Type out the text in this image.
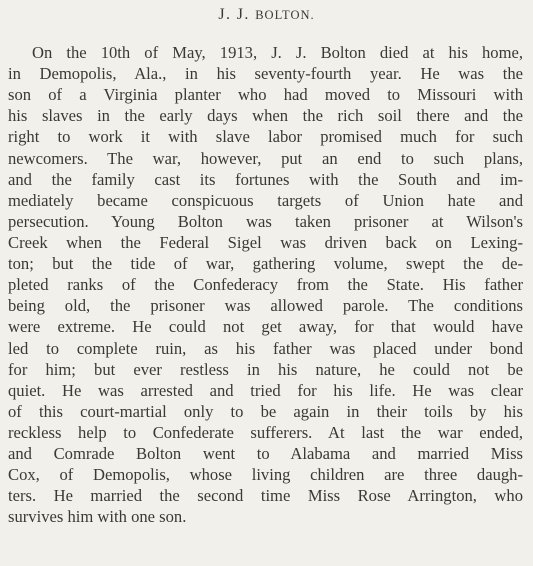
J. J. BOLTON.
On the 10th of May, 1913, J. J. Bolton died at his home,
in Demopolis, Ala., in his seventy-fourth year. He was the
son of a Virginia planter who had moved to Missouri with
his slaves in the early days when the rich soil there and the
right to work it with slave labor promised much for such
newcomers. The war, however, put an end to such plans,
and the family cast its fortunes with the South and im-
mediately became conspicuous targets of Union hate and
persecution. Young Bolton was taken prisoner at Wilson's
Creek when the Federal Sigel was driven back on Lexing-
ton; but the tide of war, gathering volume, swept the de-
pleted ranks of the Confederacy from the State. His father
being old, the prisoner was allowed parole. The conditions
were extreme. He could not get away, for that would have
led to complete ruin, as his father was placed under bond
for him; but ever restless in his nature, he could not be
quiet. He was arrested and tried for his life. He was clear
of this court-martial only to be again in their toils by his
reckless help to Confederate sufferers. At last the war ended,
and Comrade Bolton went to Alabama and married Miss
Cox, of Demopolis, whose living children are three daugh-
ters. He married the second time Miss Rose Arrington, who
survives him with one son.
